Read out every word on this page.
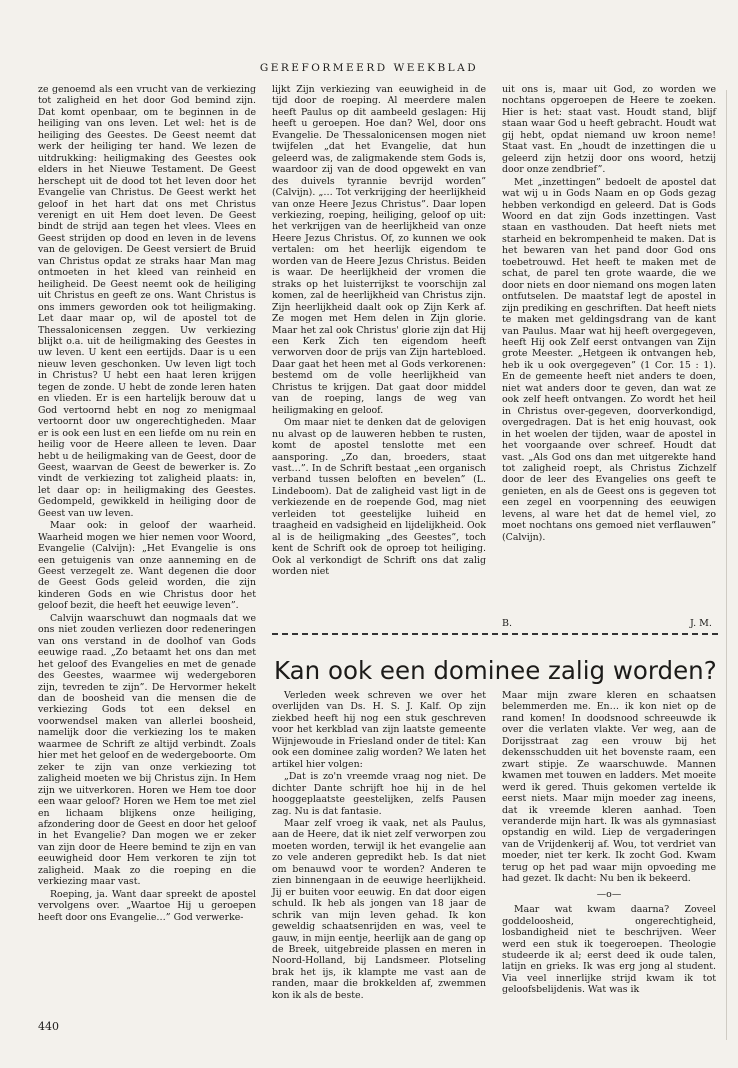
GEREFORMEERD WEEKBLAD

ze genoemd als een vrucht van de verkiezing tot zaligheid en het door God bemind zijn. Dat komt openbaar, om te beginnen in de heiliging van ons leven. Let wel: het is de heiliging des Geestes. De Geest neemt dat werk der heiliging ter hand. We lezen de uitdrukking: heiligmaking des Geestes ook elders in het Nieuwe Testament. De Geest herschept uit de dood tot het leven door het Evangelie van Christus. De Geest werkt het geloof in het hart dat ons met Christus verenigt en uit Hem doet leven. De Geest bindt de strijd aan tegen het vlees. Vlees en Geest strijden op dood en leven in de levens van de gelovigen. De Geest versiert de Bruid van Christus opdat ze straks haar Man mag ontmoeten in het kleed van reinheid en heiligheid. De Geest neemt ook de heiliging uit Christus en geeft ze ons. Want Christus is ons immers geworden ook tot heiligmaking. Let daar maar op, wil de apostel tot de Thessalonicensen zeggen. Uw verkiezing blijkt o.a. uit de heiligmaking des Geestes in uw leven. U kent een eertijds. Daar is u een nieuw leven geschonken. Uw leven ligt toch in Christus? U hebt een haat leren krijgen tegen de zonde. U hebt de zonde leren haten en vlieden. Er is een hartelijk berouw dat u God vertoornd hebt en nog zo menigmaal vertoornt door uw ongerechtigheden. Maar er is ook een lust en een liefde om nu rein en heilig voor de Heere alleen te leven. Daar hebt u de heiligmaking van de Geest, door de Geest, waarvan de Geest de bewerker is. Zo vindt de verkiezing tot zaligheid plaats: in, let daar op: in heiligmaking des Geestes. Gedompeld, gewikkeld in heiliging door de Geest van uw leven.

Maar ook: in geloof der waarheid. Waarheid mogen we hier nemen voor Woord, Evangelie (Calvijn): „Het Evangelie is ons een getuigenis van onze aanneming en de Geest verzegelt ze. Want degenen die door de Geest Gods geleid worden, die zijn kinderen Gods en wie Christus door het geloof bezit, die heeft het eeuwige leven”.

Calvijn waarschuwt dan nogmaals dat we ons niet zouden verliezen door redeneringen van ons verstand in de doolhof van Gods eeuwige raad. „Zo betaamt het ons dan met het geloof des Evangelies en met de genade des Geestes, waarmee wij wedergeboren zijn, tevreden te zijn”. De Hervormer hekelt dan de boosheid van die mensen die de verkiezing Gods tot een deksel en voorwendsel maken van allerlei boosheid, namelijk door die verkiezing los te maken waarmee de Schrift ze altijd verbindt. Zoals hier met het geloof en de wedergeboorte. Om zeker te zijn van onze verkiezing tot zaligheid moeten we bij Christus zijn. In Hem zijn we uitverkoren. Horen we Hem toe door een waar geloof? Horen we Hem toe met ziel en lichaam blijkens onze heiliging, afzondering door de Geest en door het geloof in het Evangelie? Dan mogen we er zeker van zijn door de Heere bemind te zijn en van eeuwigheid door Hem verkoren te zijn tot zaligheid. Maak zo die roeping en die verkiezing maar vast.

Roeping, ja. Want daar spreekt de apostel vervolgens over. „Waartoe Hij u geroepen heeft door ons Evangelie…” God verwerke-

lijkt Zijn verkiezing van eeuwigheid in de tijd door de roeping. Al meerdere malen heeft Paulus op dit aambeeld geslagen: Hij heeft u geroepen. Hoe dan? Wel, door ons Evangelie. De Thessalonicensen mogen niet twijfelen „dat het Evangelie, dat hun geleerd was, de zaligmakende stem Gods is, waardoor zij van de dood opgewekt en van des duivels tyrannie bevrijd worden” (Calvijn). „… Tot verkrijging der heerlijkheid van onze Heere Jezus Christus”. Daar lopen verkiezing, roeping, heiliging, geloof op uit: het verkrijgen van de heerlijkheid van onze Heere Jezus Christus. Of, zo kunnen we ook vertalen: om het heerlijk eigendom te worden van de Heere Jezus Christus. Beiden is waar. De heerlijkheid der vromen die straks op het luisterrijkst te voorschijn zal komen, zal de heerlijkheid van Christus zijn. Zijn heerlijkheid daalt ook op Zijn Kerk af. Ze mogen met Hem delen in Zijn glorie. Maar het zal ook Christus' glorie zijn dat Hij een Kerk Zich ten eigendom heeft verworven door de prijs van Zijn hartebloed. Daar gaat het heen met al Gods verkorenen: bestemd om de volle heerlijkheid van Christus te krijgen. Dat gaat door middel van de roeping, langs de weg van heiligmaking en geloof.

Om maar niet te denken dat de gelovigen nu alvast op de lauweren hebben te rusten, komt de apostel tenslotte met een aansporing. „Zo dan, broeders, staat vast…”. In de Schrift bestaat „een organisch verband tussen beloften en bevelen” (L. Lindeboom). Dat de zaligheid vast ligt in de verkiezende en de roepende God, mag niet verleiden tot geestelijke luiheid en traagheid en vadsigheid en lijdelijkheid. Ook al is de heiligmaking „des Geestes”, toch kent de Schrift ook de oproep tot heiliging. Ook al verkondigt de Schrift ons dat zalig worden niet

uit ons is, maar uit God, zo worden we nochtans opgeroepen de Heere te zoeken. Hier is het: staat vast. Houdt stand, blijf staan waar God u heeft gebracht. Houdt wat gij hebt, opdat niemand uw kroon neme! Staat vast. En „houdt de inzettingen die u geleerd zijn hetzij door ons woord, hetzij door onze zendbrief”.

Met „inzettingen” bedoelt de apostel dat wat wij u in Gods Naam en op Gods gezag hebben verkondigd en geleerd. Dat is Gods Woord en dat zijn Gods inzettingen. Vast staan en vasthouden. Dat heeft niets met starheid en bekrompenheid te maken. Dat is het bewaren van het pand door God ons toebetrouwd. Het heeft te maken met de schat, de parel ten grote waarde, die we door niets en door niemand ons mogen laten ontfutselen. De maatstaf legt de apostel in zijn prediking en geschriften. Dat heeft niets te maken met geldingsdrang van de kant van Paulus. Maar wat hij heeft overgegeven, heeft Hij ook Zelf eerst ontvangen van Zijn grote Meester. „Hetgeen ik ontvangen heb, heb ik u ook overgegeven” (1 Cor. 15 : 1). En de gemeente heeft niet anders te doen, niet wat anders door te geven, dan wat ze ook zelf heeft ontvangen. Zo wordt het heil in Christus over-gegeven, doorverkondigd, overgedragen. Dat is het enig houvast, ook in het woelen der tijden, waar de apostel in het voorgaande over schreef. Houdt dat vast. „Als God ons dan met uitgerekte hand tot zaligheid roept, als Christus Zichzelf door de leer des Evangelies ons geeft te genieten, en als de Geest ons is gegeven tot een zegel en voorpenning des eeuwigen levens, al ware het dat de hemel viel, zo moet nochtans ons gemoed niet verflauwen” (Calvijn).

B.	J. M.
Kan ook een dominee zalig worden?

Verleden week schreven we over het overlijden van Ds. H. S. J. Kalf. Op zijn ziekbed heeft hij nog een stuk geschreven voor het kerkblad van zijn laatste gemeente Wijnjewoude in Friesland onder de titel: Kan ook een dominee zalig worden? We laten het artikel hier volgen:

„Dat is zo'n vreemde vraag nog niet. De dichter Dante schrijft hoe hij in de hel hooggeplaatste geestelijken, zelfs Pausen zag. Nu is dat fantasie.

Maar zelf vroeg ik vaak, net als Paulus, aan de Heere, dat ik niet zelf verworpen zou moeten worden, terwijl ik het evangelie aan zo vele anderen gepredikt heb. Is dat niet om benauwd voor te worden? Anderen te zien binnengaan in de eeuwige heerlijkheid. Jij er buiten voor eeuwig. En dat door eigen schuld. Ik heb als jongen van 18 jaar de schrik van mijn leven gehad. Ik kon geweldig schaatsenrijden en was, veel te gauw, in mijn eentje, heerlijk aan de gang op de Breek, uitgebreide plassen en meren in Noord-Holland, bij Landsmeer. Plotseling brak het ijs, ik klampte me vast aan de randen, maar die brokkelden af, zwemmen kon ik als de beste.

Maar mijn zware kleren en schaatsen belemmerden me. En… ik kon niet op de rand komen! In doodsnood schreeuwde ik over die verlaten vlakte. Ver weg, aan de Dorijsstraat zag een vrouw bij het dekensschudden uit het bovenste raam, een zwart stipje. Ze waarschuwde. Mannen kwamen met touwen en ladders. Met moeite werd ik gered. Thuis gekomen vertelde ik eerst niets. Maar mijn moeder zag ineens, dat ik vreemde kleren aanhad. Toen veranderde mijn hart. Ik was als gymnasiast opstandig en wild. Liep de vergaderingen van de Vrijdenkerij af. Wou, tot verdriet van moeder, niet ter kerk. Ik zocht God. Kwam terug op het pad waar mijn opvoeding me had gezet. Ik dacht: Nu ben ik bekeerd.

—o—

Maar wat kwam daarna? Zoveel goddeloosheid, ongerechtigheid, losbandigheid niet te beschrijven. Weer werd een stuk ik toegeroepen. Theologie studeerde ik al; eerst deed ik oude talen, latijn en grieks. Ik was erg jong al student. Via veel innerlijke strijd kwam ik tot geloofsbelijdenis. Wat was ik

440
